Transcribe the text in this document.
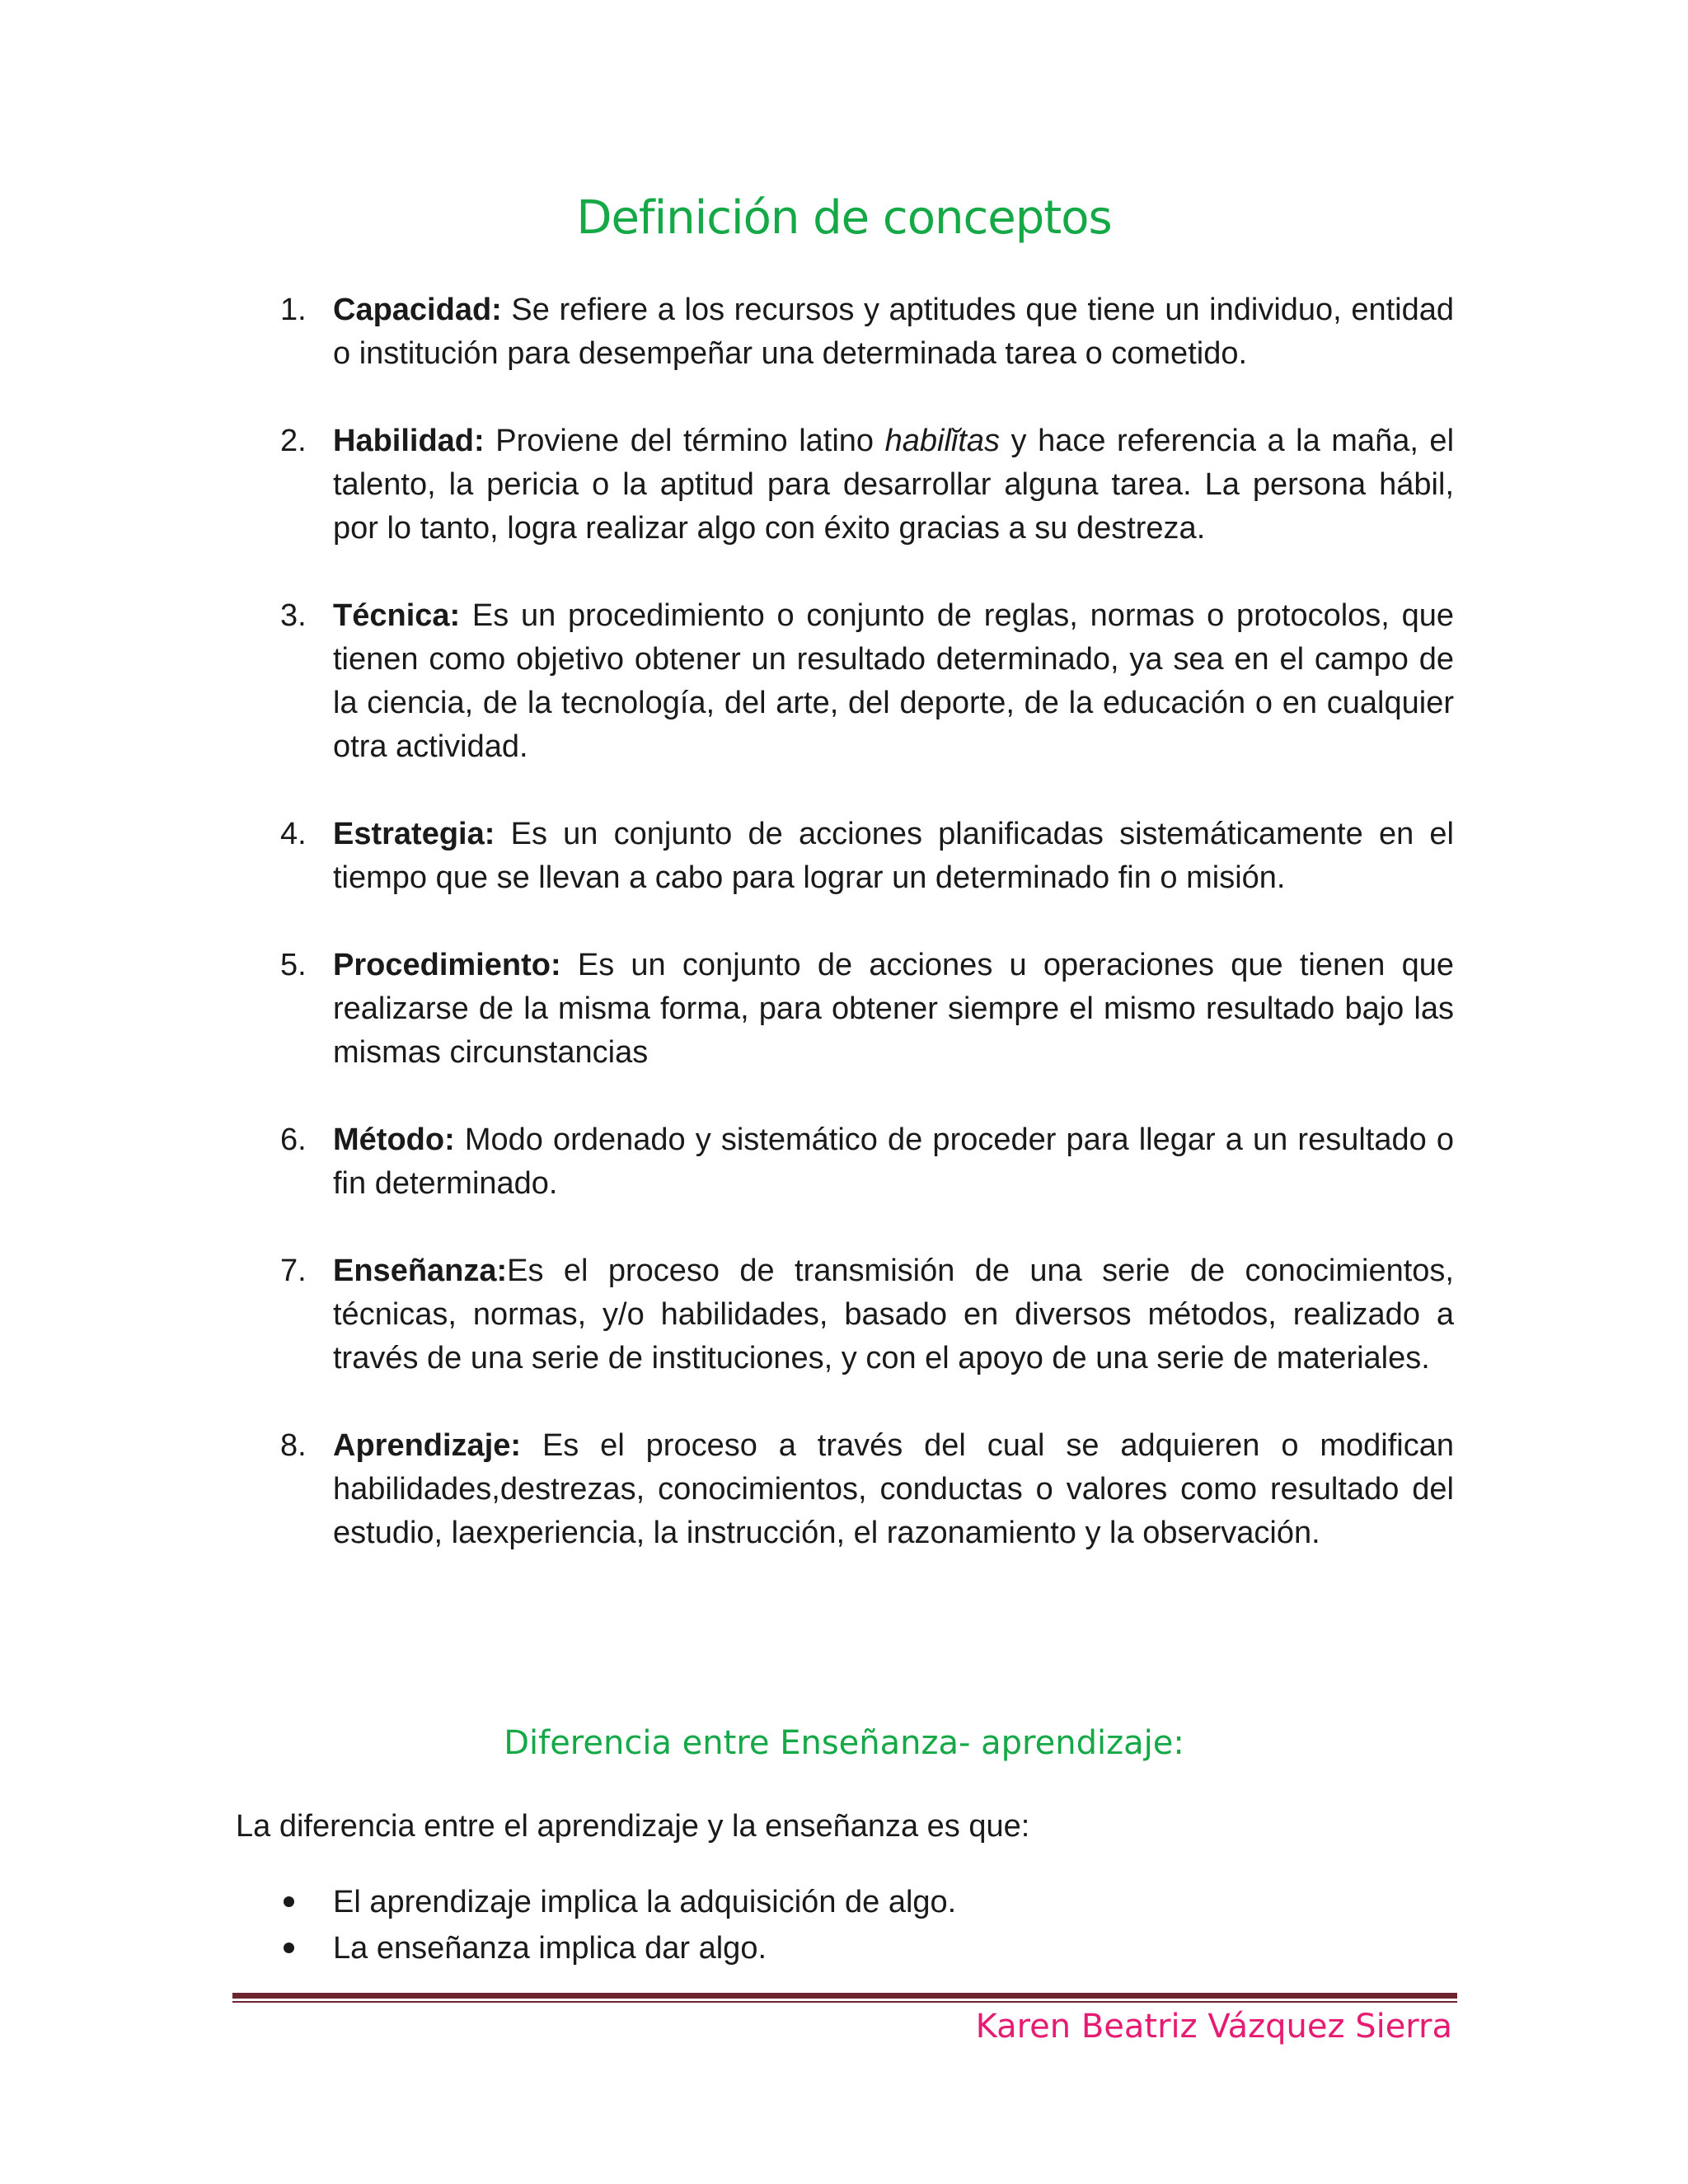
Definición de conceptos
1. Capacidad: Se refiere a los recursos y aptitudes que tiene un individuo, entidad o institución para desempeñar una determinada tarea o cometido.
2. Habilidad: Proviene del término latino habilĭtas y hace referencia a la maña, el talento, la pericia o la aptitud para desarrollar alguna tarea. La persona hábil, por lo tanto, logra realizar algo con éxito gracias a su destreza.
3. Técnica: Es un procedimiento o conjunto de reglas, normas o protocolos, que tienen como objetivo obtener un resultado determinado, ya sea en el campo de la ciencia, de la tecnología, del arte, del deporte, de la educación o en cualquier otra actividad.
4. Estrategia: Es un conjunto de acciones planificadas sistemáticamente en el tiempo que se llevan a cabo para lograr un determinado fin o misión.
5. Procedimiento: Es un conjunto de acciones u operaciones que tienen que realizarse de la misma forma, para obtener siempre el mismo resultado bajo las mismas circunstancias
6. Método: Modo ordenado y sistemático de proceder para llegar a un resultado o fin determinado.
7. Enseñanza:Es el proceso de transmisión de una serie de conocimientos, técnicas, normas, y/o habilidades, basado en diversos métodos, realizado a través de una serie de instituciones, y con el apoyo de una serie de materiales.
8. Aprendizaje: Es el proceso a través del cual se adquieren o modifican habilidades,destrezas, conocimientos, conductas o valores como resultado del estudio, laexperiencia, la instrucción, el razonamiento y la observación.
Diferencia entre Enseñanza- aprendizaje:

La diferencia entre el aprendizaje y la enseñanza es que:

El aprendizaje implica la adquisición de algo.
La enseñanza implica dar algo.

Karen Beatriz Vázquez Sierra
